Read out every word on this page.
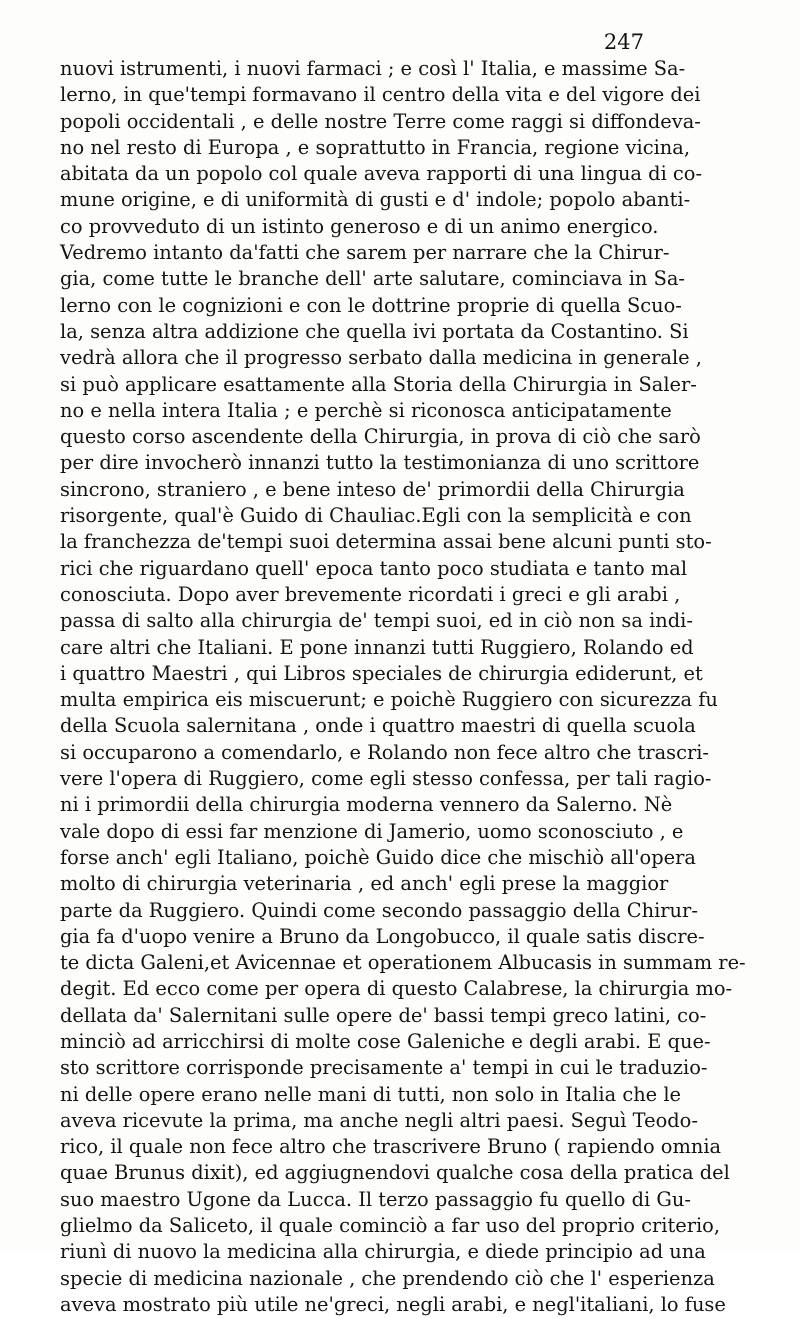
247
nuovi istrumenti, i nuovi farmaci ; e così l' Italia, e massime Sa-
lerno, in que'tempi formavano il centro della vita e del vigore dei
popoli occidentali , e delle nostre Terre come raggi si diffondeva-
no nel resto di Europa , e soprattutto in Francia, regione vicina,
abitata da un popolo col quale aveva rapporti di una lingua di co-
mune origine, e di uniformità di gusti e d' indole; popolo abanti-
co provveduto di un istinto generoso e di un animo energico.
Vedremo intanto da'fatti che sarem per narrare che la Chirur-
gia, come tutte le branche dell' arte salutare, cominciava in Sa-
lerno con le cognizioni e con le dottrine proprie di quella Scuo-
la, senza altra addizione che quella ivi portata da Costantino. Si
vedrà allora che il progresso serbato dalla medicina in generale ,
si può applicare esattamente alla Storia della Chirurgia in Saler-
no e nella intera Italia ; e perchè si riconosca anticipatamente
questo corso ascendente della Chirurgia, in prova di ciò che sarò
per dire invocherò innanzi tutto la testimonianza di uno scrittore
sincrono, straniero , e bene inteso de' primordii della Chirurgia
risorgente, qual'è Guido di Chauliac.Egli con la semplicità e con
la franchezza de'tempi suoi determina assai bene alcuni punti sto-
rici che riguardano quell' epoca tanto poco studiata e tanto mal
conosciuta. Dopo aver brevemente ricordati i greci e gli arabi ,
passa di salto alla chirurgia de' tempi suoi, ed in ciò non sa indi-
care altri che Italiani. E pone innanzi tutti Ruggiero, Rolando ed
i quattro Maestri , qui Libros speciales de chirurgia ediderunt, et
multa empirica eis miscuerunt; e poichè Ruggiero con sicurezza fu
della Scuola salernitana , onde i quattro maestri di quella scuola
si occuparono a comendarlo, e Rolando non fece altro che trascri-
vere l'opera di Ruggiero, come egli stesso confessa, per tali ragio-
ni i primordii della chirurgia moderna vennero da Salerno. Nè
vale dopo di essi far menzione di Jamerio, uomo sconosciuto , e
forse anch' egli Italiano, poichè Guido dice che mischiò all'opera
molto di chirurgia veterinaria , ed anch' egli prese la maggior
parte da Ruggiero. Quindi come secondo passaggio della Chirur-
gia fa d'uopo venire a Bruno da Longobucco, il quale satis discre-
te dicta Galeni,et Avicennae et operationem Albucasis in summam re-
degit. Ed ecco come per opera di questo Calabrese, la chirurgia mo-
dellata da' Salernitani sulle opere de' bassi tempi greco latini, co-
minciò ad arricchirsi di molte cose Galeniche e degli arabi. E que-
sto scrittore corrisponde precisamente a' tempi in cui le traduzio-
ni delle opere erano nelle mani di tutti, non solo in Italia che le
aveva ricevute la prima, ma anche negli altri paesi. Seguì Teodo-
rico, il quale non fece altro che trascrivere Bruno ( rapiendo omnia
quae Brunus dixit), ed aggiugnendovi qualche cosa della pratica del
suo maestro Ugone da Lucca. Il terzo passaggio fu quello di Gu-
glielmo da Saliceto, il quale cominciò a far uso del proprio criterio,
riunì di nuovo la medicina alla chirurgia, e diede principio ad una
specie di medicina nazionale , che prendendo ciò che l' esperienza
aveva mostrato più utile ne'greci, negli arabi, e negl'italiani, lo fuse
